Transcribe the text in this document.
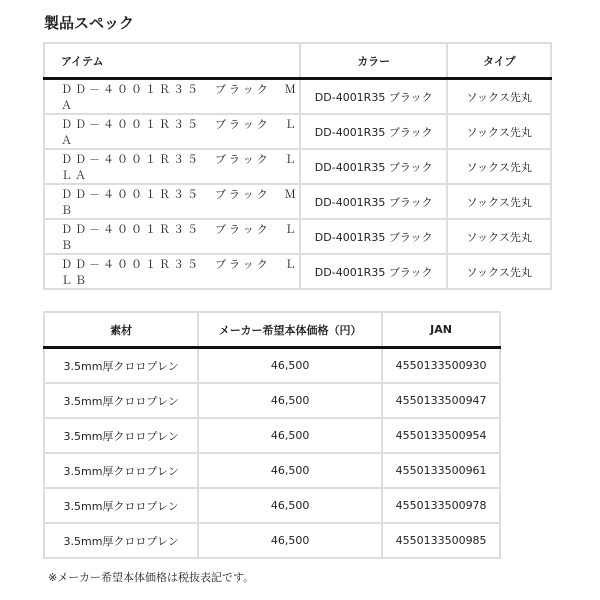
製品スペック
アイテム	カラー	タイプ
ＤＤ－４００１Ｒ３５　ブラック　ＭＡ	DD-4001R35 ブラック	ソックス先丸
ＤＤ－４００１Ｒ３５　ブラック　ＬＡ	DD-4001R35 ブラック	ソックス先丸
ＤＤ－４００１Ｒ３５　ブラック　ＬＬＡ	DD-4001R35 ブラック	ソックス先丸
ＤＤ－４００１Ｒ３５　ブラック　ＭＢ	DD-4001R35 ブラック	ソックス先丸
ＤＤ－４００１Ｒ３５　ブラック　ＬＢ	DD-4001R35 ブラック	ソックス先丸
ＤＤ－４００１Ｒ３５　ブラック　ＬＬＢ	DD-4001R35 ブラック	ソックス先丸
素材	メーカー希望本体価格（円）	JAN
3.5mm厚クロロプレン	46,500	4550133500930
3.5mm厚クロロプレン	46,500	4550133500947
3.5mm厚クロロプレン	46,500	4550133500954
3.5mm厚クロロプレン	46,500	4550133500961
3.5mm厚クロロプレン	46,500	4550133500978
3.5mm厚クロロプレン	46,500	4550133500985
※メーカー希望本体価格は税抜表記です。
